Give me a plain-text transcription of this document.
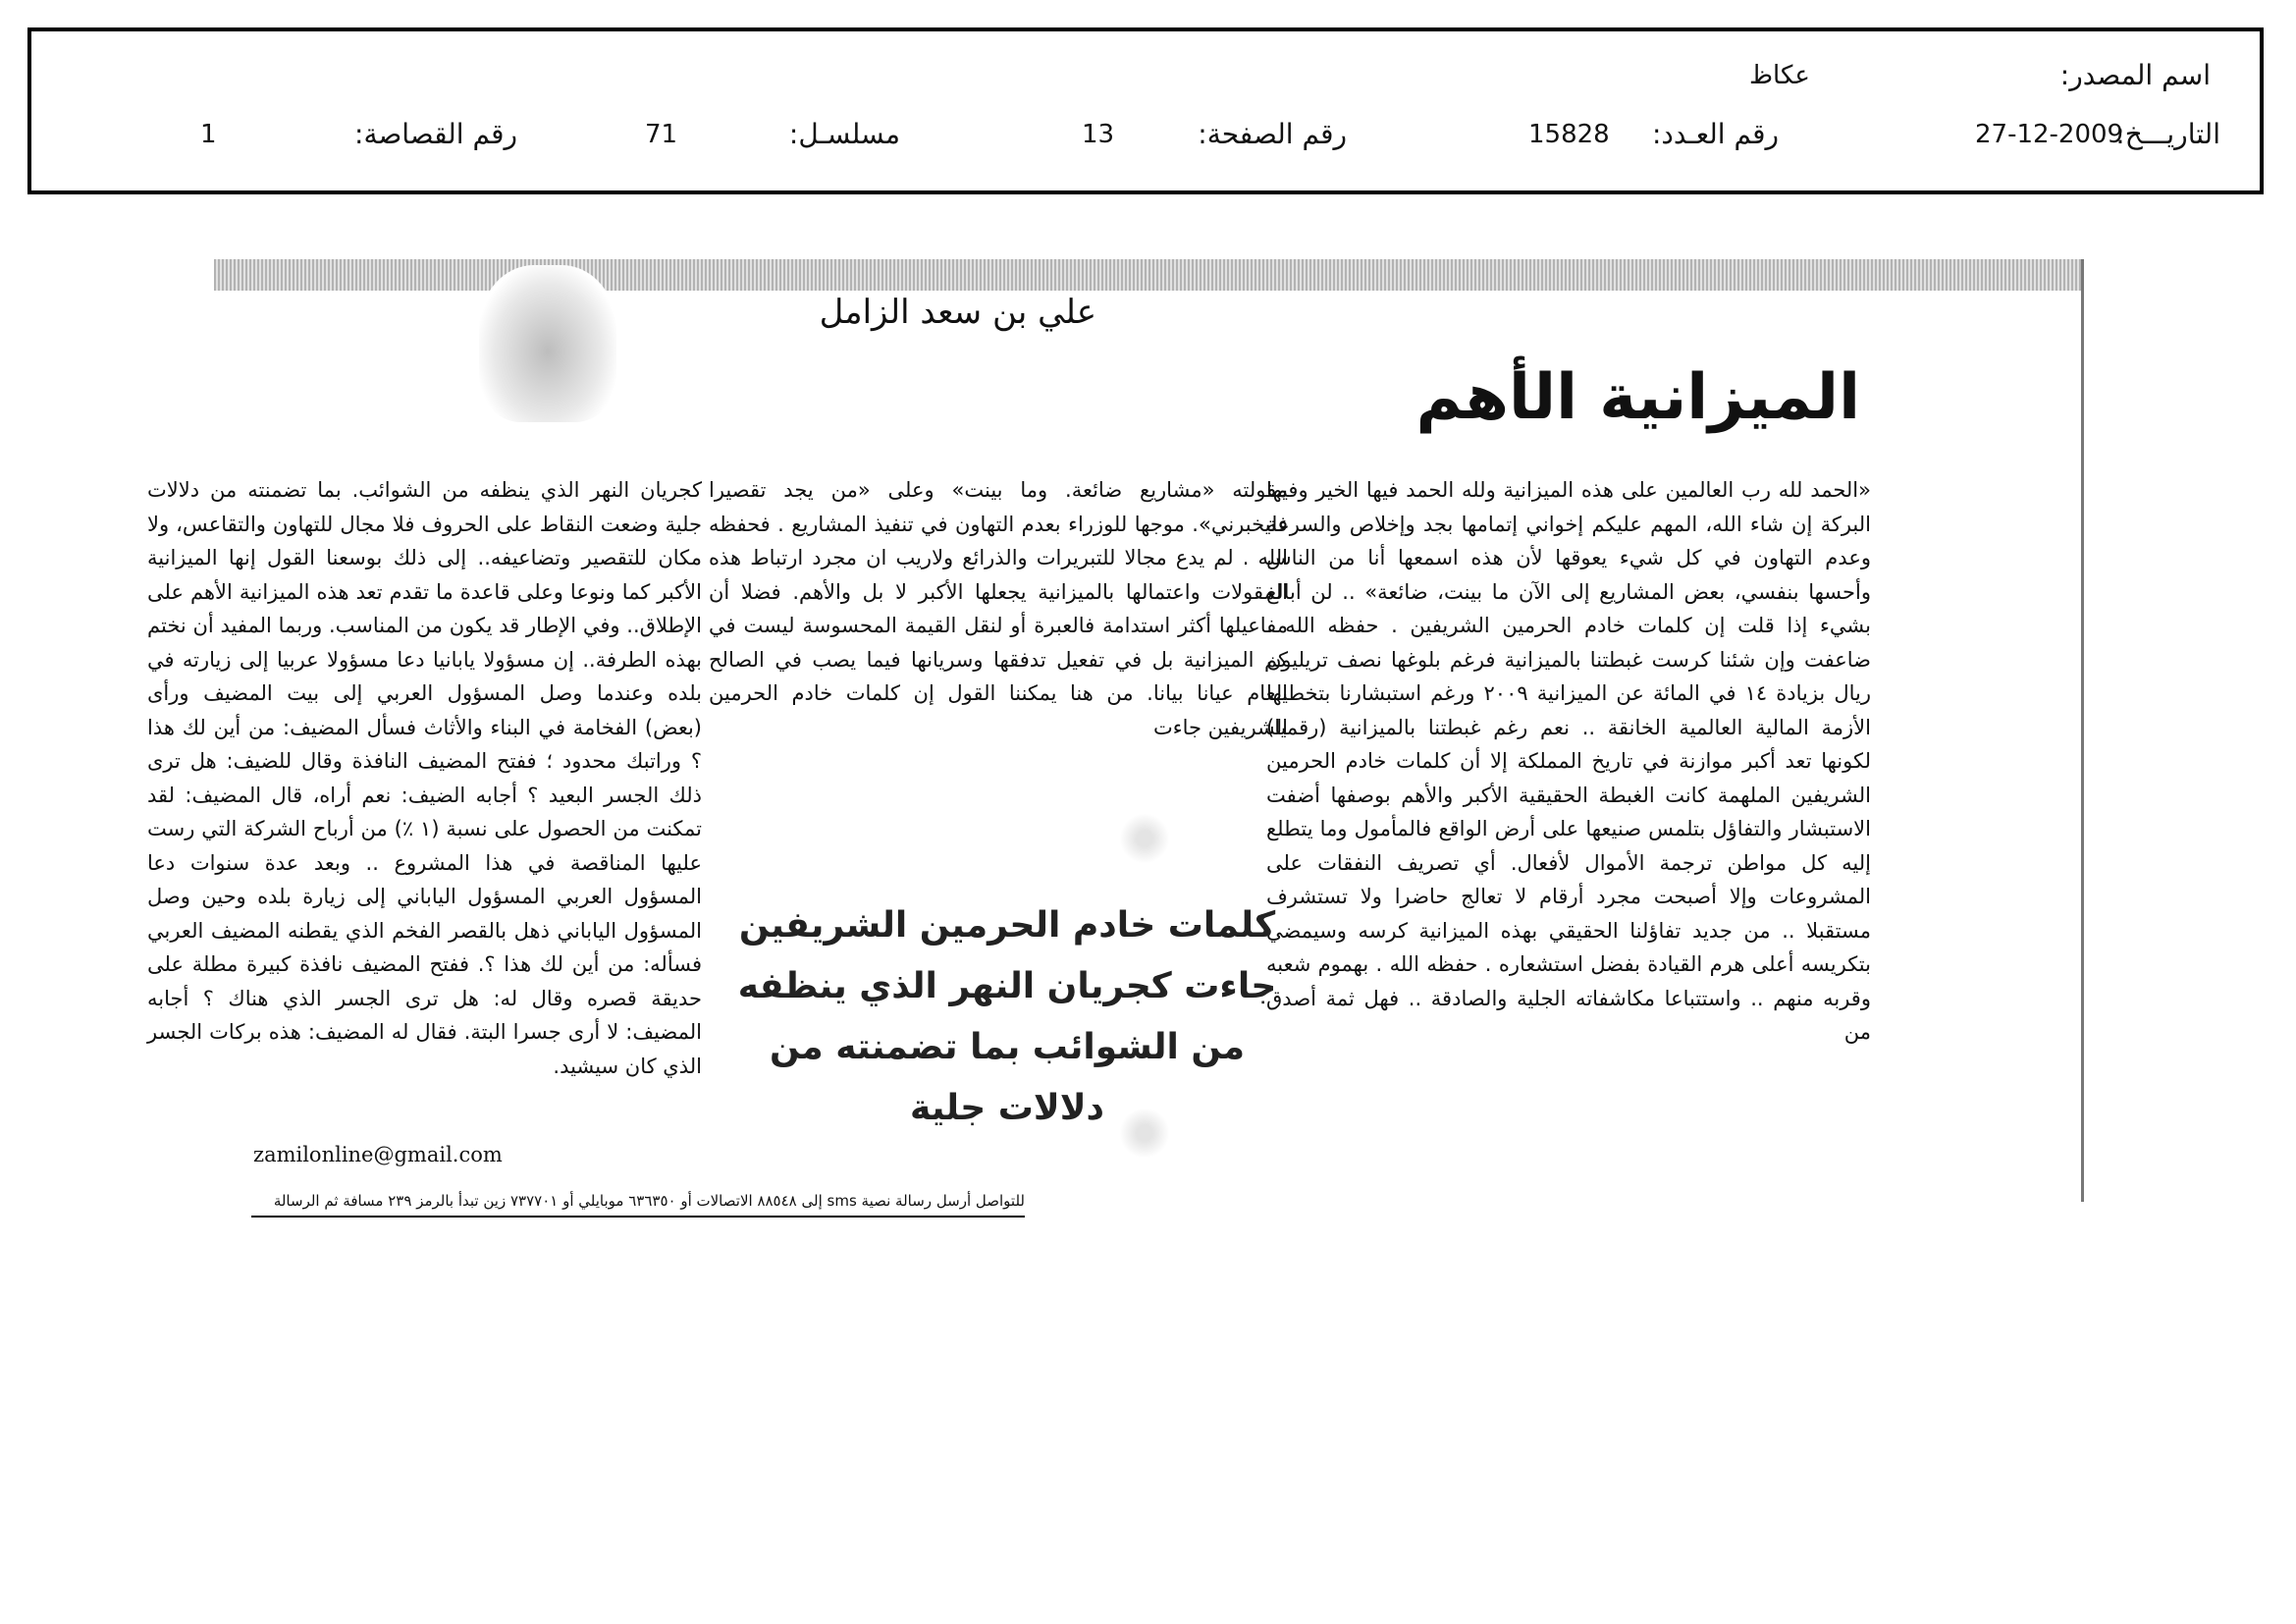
اسم المصدر:
عكاظ
التاريـــخ:
27-12-2009
رقم العـدد:
15828
رقم الصفحة:
13
مسلسـل:
71
رقم القصاصة:
1
علي بن سعد الزامل
الميزانية الأهم

«الحمد لله رب العالمين على هذه الميزانية ولله الحمد فيها الخير وفيها البركة إن شاء الله، المهم عليكم إخواني إتمامها بجد وإخلاص والسرعة وعدم التهاون في كل شيء يعوقها لأن هذه اسمعها أنا من الناس وأحسها بنفسي، بعض المشاريع إلى الآن ما بينت، ضائعة» .. لن أبالغ بشيء إذا قلت إن كلمات خادم الحرمين الشريفين . حفظه الله . ضاعفت وإن شئنا كرست غبطتنا بالميزانية فرغم بلوغها نصف تريليون ريال بزيادة ١٤ في المائة عن الميزانية ٢٠٠٩ ورغم استبشارنا بتخطيها الأزمة المالية العالمية الخانقة .. نعم رغم غبطتنا بالميزانية (رقميا) لكونها تعد أكبر موازنة في تاريخ المملكة إلا أن كلمات خادم الحرمين الشريفين الملهمة كانت الغبطة الحقيقية الأكبر والأهم بوصفها أضفت الاستبشار والتفاؤل بتلمس صنيعها على أرض الواقع فالمأمول وما يتطلع إليه كل مواطن ترجمة الأموال لأفعال. أي تصريف النفقات على المشروعات وإلا أصبحت مجرد أرقام لا تعالج حاضرا ولا تستشرف مستقبلا .. من جديد تفاؤلنا الحقيقي بهذه الميزانية كرسه وسيمضي بتكريسه أعلى هرم القيادة بفضل استشعاره . حفظه الله . بهموم شعبه وقربه منهم .. واستتباعا مكاشفاته الجلية والصادقة .. فهل ثمة أصدق من

مقولته «مشاريع ضائعة. وما بينت» وعلى «من يجد تقصيرا فليخبرني». موجها للوزراء بعدم التهاون في تنفيذ المشاريع . فحفظه الله . لم يدع مجالا للتبريرات والذرائع ولاريب ان مجرد ارتباط هذه المقولات واعتمالها بالميزانية يجعلها الأكبر لا بل والأهم. فضلا أن مفاعيلها أكثر استدامة فالعبرة أو لنقل القيمة المحسوسة ليست في كم الميزانية بل في تفعيل تدفقها وسريانها فيما يصب في الصالح العام عيانا بيانا. من هنا يمكننا القول إن كلمات خادم الحرمين الشريفين جاءت

كلمات خادم الحرمين الشريفين جاءت كجريان النهر الذي ينظفه من الشوائب بما تضمنته من دلالات جلية

كجريان النهر الذي ينظفه من الشوائب. بما تضمنته من دلالات جلية وضعت النقاط على الحروف فلا مجال للتهاون والتقاعس، ولا مكان للتقصير وتضاعيفه.. إلى ذلك بوسعنا القول إنها الميزانية الأكبر كما ونوعا وعلى قاعدة ما تقدم تعد هذه الميزانية الأهم على الإطلاق.. وفي الإطار قد يكون من المناسب. وربما المفيد أن نختم بهذه الطرفة.. إن مسؤولا يابانيا دعا مسؤولا عربيا إلى زيارته في بلده وعندما وصل المسؤول العربي إلى بيت المضيف ورأى (بعض) الفخامة في البناء والأثاث فسأل المضيف: من أين لك هذا ؟ وراتبك محدود ؛ ففتح المضيف النافذة وقال للضيف: هل ترى ذلك الجسر البعيد ؟ أجابه الضيف: نعم أراه، قال المضيف: لقد تمكنت من الحصول على نسبة (١ ٪) من أرباح الشركة التي رست عليها المناقصة في هذا المشروع .. وبعد عدة سنوات دعا المسؤول العربي المسؤول الياباني إلى زيارة بلده وحين وصل المسؤول الياباني ذهل بالقصر الفخم الذي يقطنه المضيف العربي فسأله: من أين لك هذا ؟. ففتح المضيف نافذة كبيرة مطلة على حديقة قصره وقال له: هل ترى الجسر الذي هناك ؟ أجابه المضيف: لا أرى جسرا البتة. فقال له المضيف: هذه بركات الجسر الذي كان سيشيد.

zamilonline@gmail.com
للتواصل أرسل رسالة نصية sms إلى ٨٨٥٤٨ الاتصالات أو ٦٣٦٣٥٠ موبايلي أو ٧٣٧٧٠١ زين تبدأ بالرمز ٢٣٩ مسافة ثم الرسالة
